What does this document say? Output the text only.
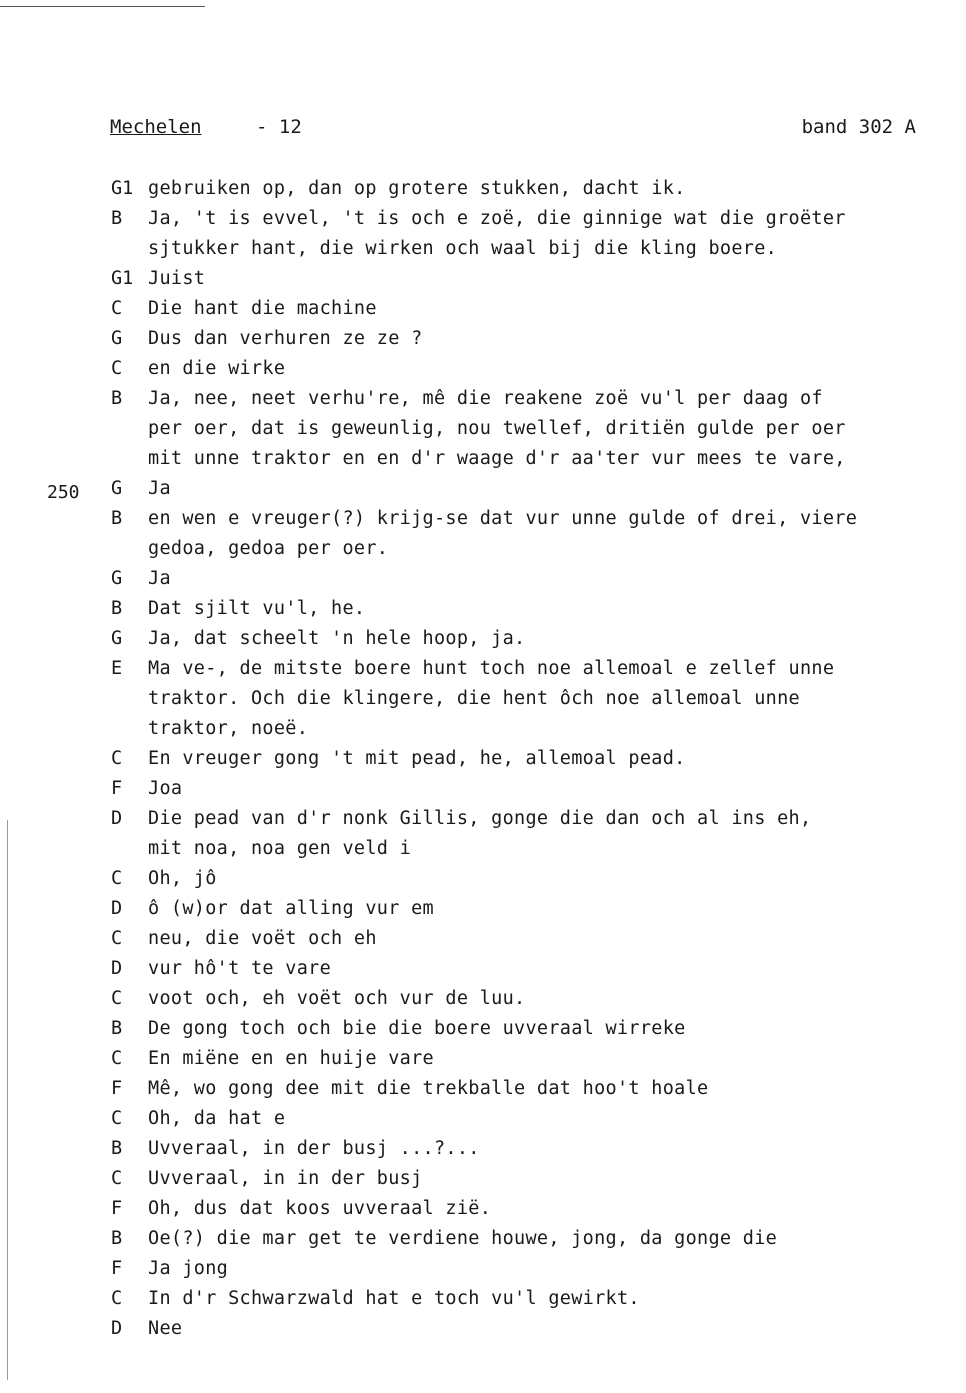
Mechelen	- 12	band 302 A
G1 gebruiken op, dan op grotere stukken, dacht ik.
B Ja, 't is evvel, 't is och e zoë, die ginnige wat die groëter
sjtukker hant, die wirken och waal bij die kling boere.
G1 Juist
C Die hant die machine
G Dus dan verhuren ze ze ?
C en die wirke
B Ja, nee, neet verhu're, mê die reakene zoë vu'l per daag of
per oer, dat is geweunlig, nou twellef, dritiën gulde per oer
mit unne traktor en en d'r waage d'r aa'ter vur mees te vare,
250 G Ja
B en wen e vreuger(?) krijg-se dat vur unne gulde of drei, viere
gedoa, gedoa per oer.
G Ja
B Dat sjilt vu'l, he.
G Ja, dat scheelt 'n hele hoop, ja.
E Ma ve-, de mitste boere hunt toch noe allemoal e zellef unne
traktor. Och die klingere, die hent ôch noe allemoal unne
traktor, noeë.
C En vreuger gong 't mit pead, he, allemoal pead.
F Joa
D Die pead van d'r nonk Gillis, gonge die dan och al ins eh,
mit noa, noa gen veld i
C Oh, jô
D ô (w)or dat alling vur em
C neu, die voët och eh
D vur hô't te vare
C voot och, eh voët och vur de luu.
B De gong toch och bie die boere uvveraal wirreke
C En miëne en en huije vare
F Mê, wo gong dee mit die trekballe dat hoo't hoale
C Oh, da hat e
B Uvveraal, in der busj ...?...
C Uvveraal, in in der busj
F Oh, dus dat koos uvveraal zië.
B Oe(?) die mar get te verdiene houwe, jong, da gonge die
F Ja jong
C In d'r Schwarzwald hat e toch vu'l gewirkt.
D Nee
